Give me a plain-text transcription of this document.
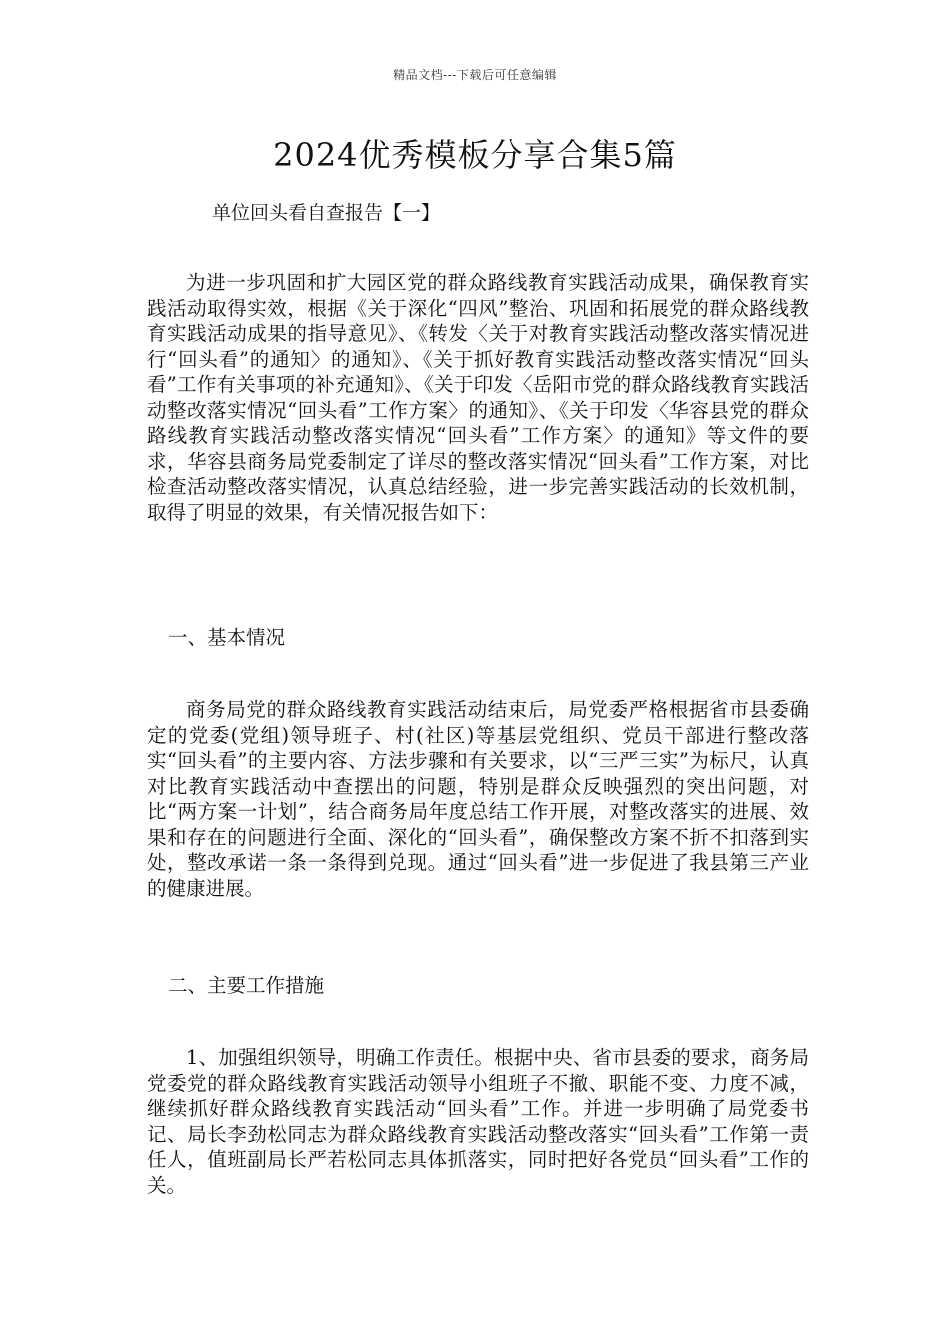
精品文档---下载后可任意编辑
2024优秀模板分享合集5篇
单位回头看自查报告【一】
为进一步巩固和扩大园区党的群众路线教育实践活动成果，确保教育实践活动取得实效，根据《关于深化“四风”整治、巩固和拓展党的群众路线教育实践活动成果的指导意见》、《转发〈关于对教育实践活动整改落实情况进行“回头看”的通知〉的通知》、《关于抓好教育实践活动整改落实情况“回头看”工作有关事项的补充通知》、《关于印发〈岳阳市党的群众路线教育实践活动整改落实情况“回头看”工作方案〉的通知》、《关于印发〈华容县党的群众路线教育实践活动整改落实情况“回头看”工作方案〉的通知》等文件的要求，华容县商务局党委制定了详尽的整改落实情况“回头看”工作方案，对比检查活动整改落实情况，认真总结经验，进一步完善实践活动的长效机制，取得了明显的效果，有关情况报告如下：
一、基本情况
商务局党的群众路线教育实践活动结束后，局党委严格根据省市县委确定的党委(党组)领导班子、村(社区)等基层党组织、党员干部进行整改落实“回头看”的主要内容、方法步骤和有关要求，以“三严三实”为标尺，认真对比教育实践活动中查摆出的问题，特别是群众反映强烈的突出问题，对比“两方案一计划”，结合商务局年度总结工作开展，对整改落实的进展、效果和存在的问题进行全面、深化的“回头看”，确保整改方案不折不扣落到实处，整改承诺一条一条得到兑现。通过“回头看”进一步促进了我县第三产业的健康进展。
二、主要工作措施
1、加强组织领导，明确工作责任。根据中央、省市县委的要求，商务局党委党的群众路线教育实践活动领导小组班子不撤、职能不变、力度不减，继续抓好群众路线教育实践活动“回头看”工作。并进一步明确了局党委书记、局长李劲松同志为群众路线教育实践活动整改落实“回头看”工作第一责任人，值班副局长严若松同志具体抓落实，同时把好各党员“回头看”工作的关。
